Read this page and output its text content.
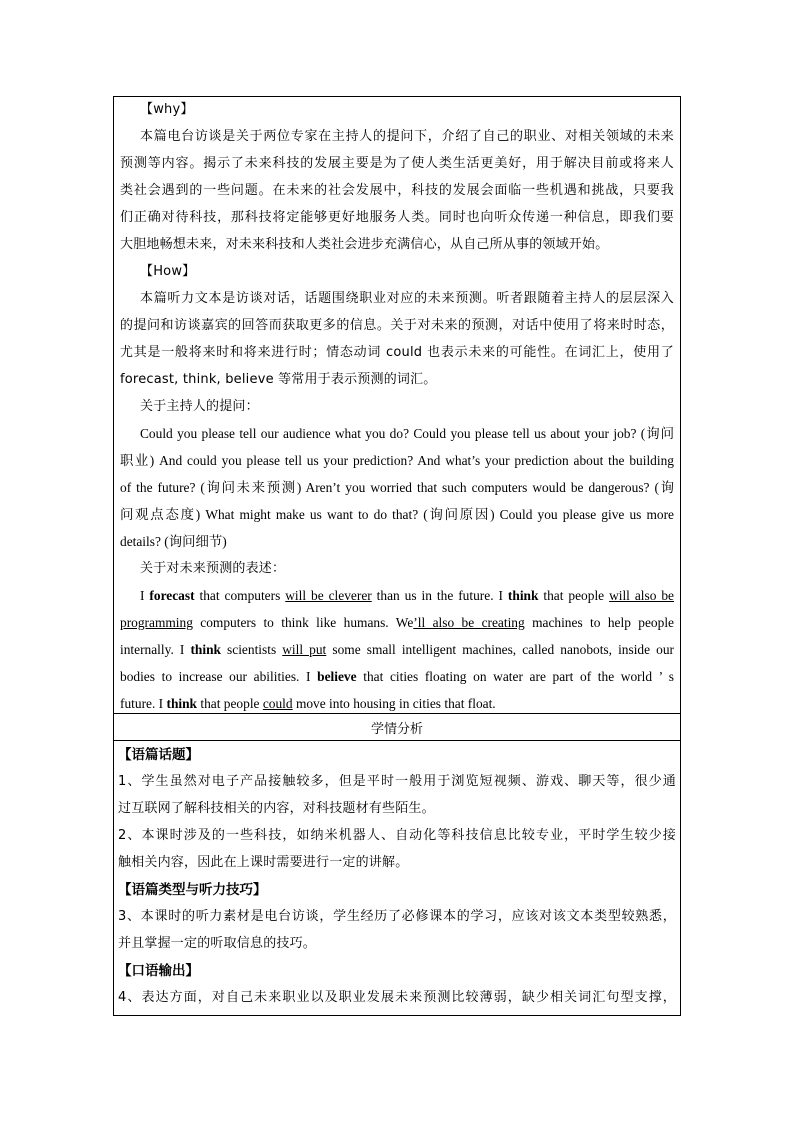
【why】
本篇电台访谈是关于两位专家在主持人的提问下，介绍了自己的职业、对相关领域的未来
预测等内容。揭示了未来科技的发展主要是为了使人类生活更美好，用于解决目前或将来人
类社会遇到的一些问题。在未来的社会发展中，科技的发展会面临一些机遇和挑战，只要我
们正确对待科技，那科技将定能够更好地服务人类。同时也向听众传递一种信息，即我们要
大胆地畅想未来，对未来科技和人类社会进步充满信心，从自己所从事的领域开始。
【How】
本篇听力文本是访谈对话，话题围绕职业对应的未来预测。听者跟随着主持人的层层深入
的提问和访谈嘉宾的回答而获取更多的信息。关于对未来的预测，对话中使用了将来时时态，
尤其是一般将来时和将来进行时；情态动词 could 也表示未来的可能性。在词汇上，使用了
forecast, think, believe 等常用于表示预测的词汇。
关于主持人的提问：
Could you please tell our audience what you do? Could you please tell us about your job? (询问
职业) And could you please tell us your prediction? And what’s your prediction about the building
of the future? (询问未来预测) Aren’t you worried that such computers would be dangerous? (询
问观点态度) What might make us want to do that? (询问原因) Could you please give us more
details? (询问细节)
关于对未来预测的表述：
I forecast that computers will be cleverer than us in the future. I think that people will also be
programming computers to think like humans. We’ll also be creating machines to help people
internally. I think scientists will put some small intelligent machines, called nanobots, inside our
bodies to increase our abilities. I believe that cities floating on water are part of the world ’ s
future. I think that people could move into housing in cities that float.
学情分析
【语篇话题】
1、学生虽然对电子产品接触较多，但是平时一般用于浏览短视频、游戏、聊天等，很少通
过互联网了解科技相关的内容，对科技题材有些陌生。
2、本课时涉及的一些科技，如纳米机器人、自动化等科技信息比较专业，平时学生较少接
触相关内容，因此在上课时需要进行一定的讲解。
【语篇类型与听力技巧】
3、本课时的听力素材是电台访谈，学生经历了必修课本的学习，应该对该文本类型较熟悉，
并且掌握一定的听取信息的技巧。
【口语输出】
4、表达方面，对自己未来职业以及职业发展未来预测比较薄弱，缺少相关词汇句型支撑，
